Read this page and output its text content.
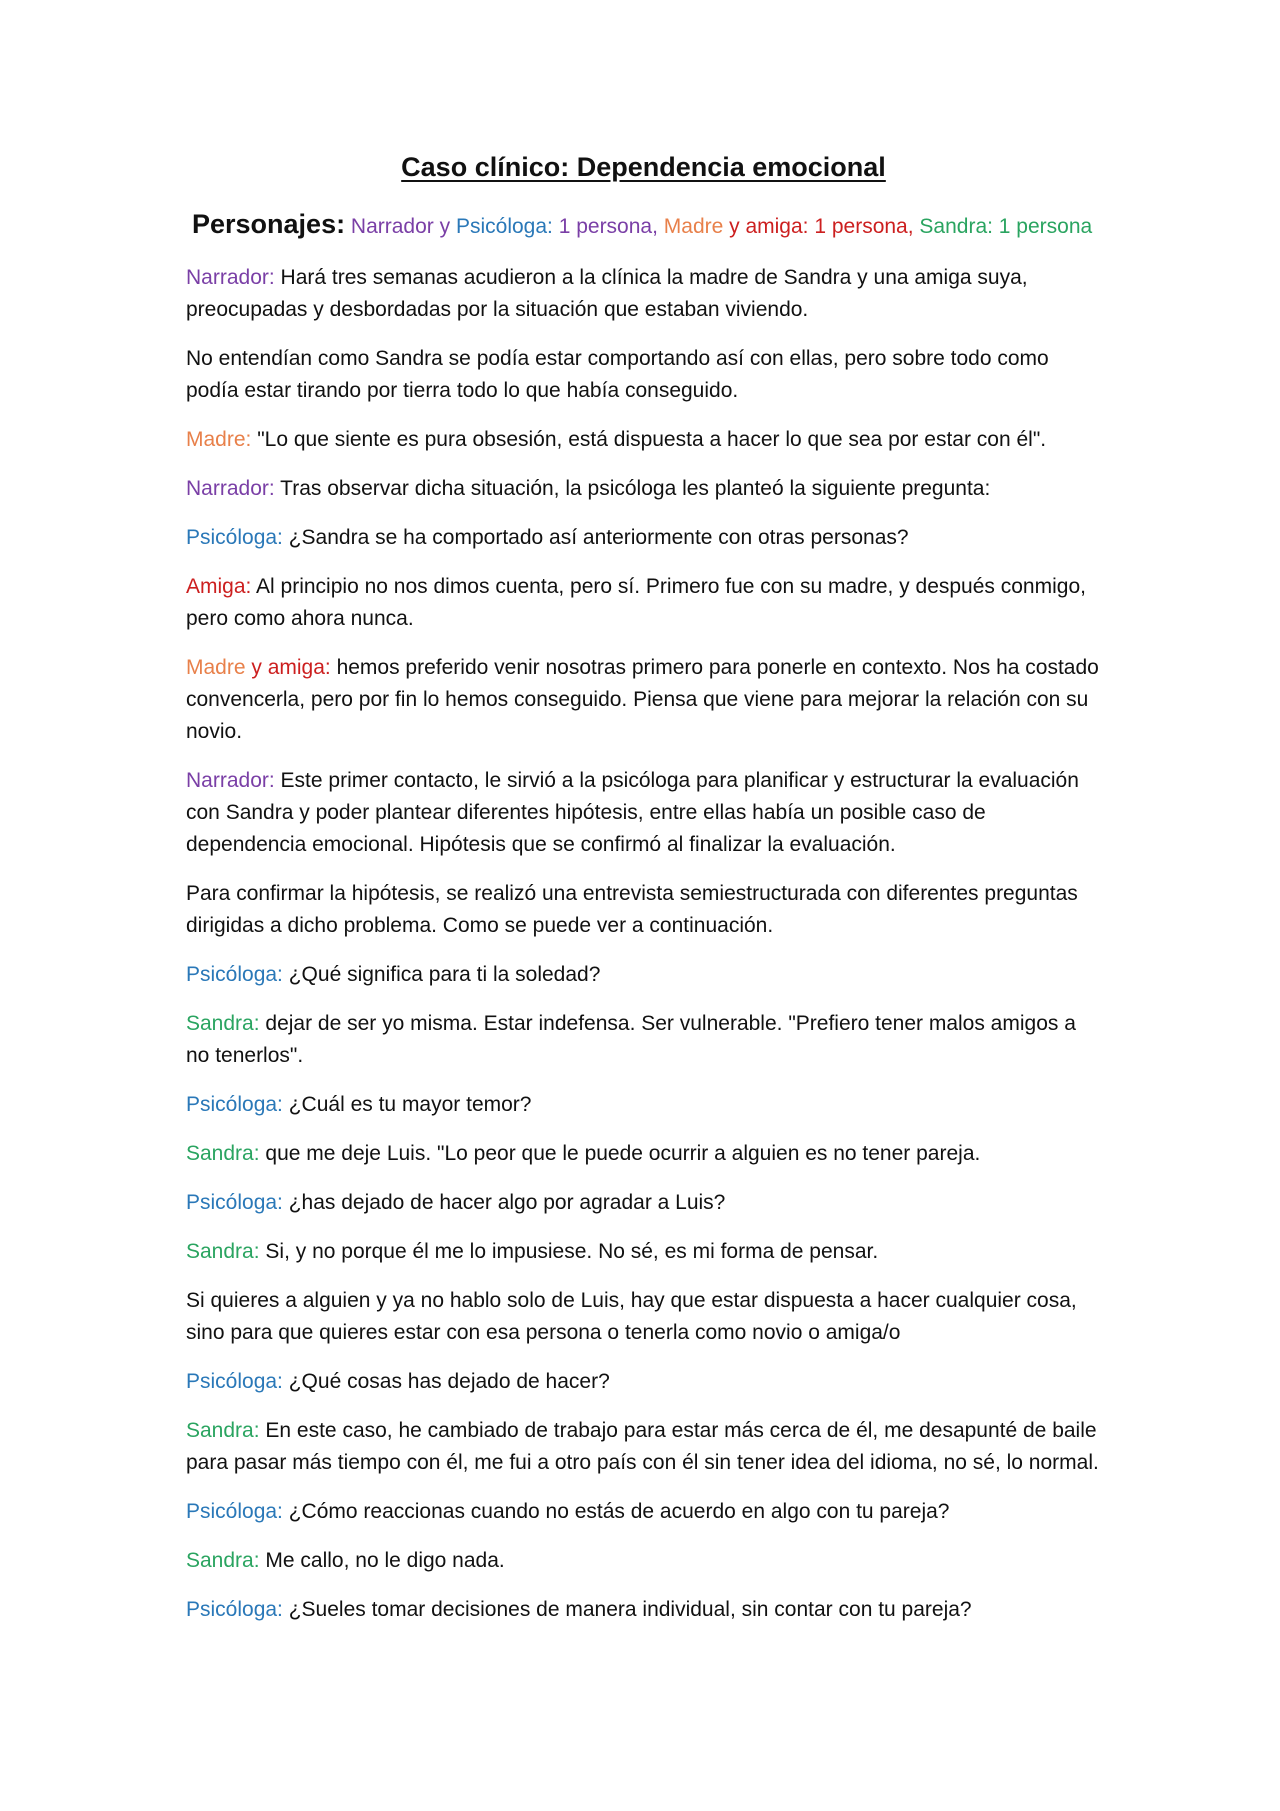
Caso clínico: Dependencia emocional
Personajes: Narrador y Psicóloga: 1 persona, Madre y amiga: 1 persona, Sandra: 1 persona

Narrador: Hará tres semanas acudieron a la clínica la madre de Sandra y una amiga suya, preocupadas y desbordadas por la situación que estaban viviendo.

No entendían como Sandra se podía estar comportando así con ellas, pero sobre todo como podía estar tirando por tierra todo lo que había conseguido.

Madre: "Lo que siente es pura obsesión, está dispuesta a hacer lo que sea por estar con él".

Narrador: Tras observar dicha situación, la psicóloga les planteó la siguiente pregunta:

Psicóloga: ¿Sandra se ha comportado así anteriormente con otras personas?

Amiga: Al principio no nos dimos cuenta, pero sí. Primero fue con su madre, y después conmigo, pero como ahora nunca.

Madre y amiga: hemos preferido venir nosotras primero para ponerle en contexto. Nos ha costado convencerla, pero por fin lo hemos conseguido. Piensa que viene para mejorar la relación con su novio.

Narrador: Este primer contacto, le sirvió a la psicóloga para planificar y estructurar la evaluación con Sandra y poder plantear diferentes hipótesis, entre ellas había un posible caso de dependencia emocional. Hipótesis que se confirmó al finalizar la evaluación.

Para confirmar la hipótesis, se realizó una entrevista semiestructurada con diferentes preguntas dirigidas a dicho problema. Como se puede ver a continuación.

Psicóloga: ¿Qué significa para ti la soledad?

Sandra: dejar de ser yo misma. Estar indefensa. Ser vulnerable. "Prefiero tener malos amigos a no tenerlos".

Psicóloga: ¿Cuál es tu mayor temor?

Sandra: que me deje Luis. "Lo peor que le puede ocurrir a alguien es no tener pareja.

Psicóloga: ¿has dejado de hacer algo por agradar a Luis?

Sandra: Si, y no porque él me lo impusiese. No sé, es mi forma de pensar.

Si quieres a alguien y ya no hablo solo de Luis, hay que estar dispuesta a hacer cualquier cosa, sino para que quieres estar con esa persona o tenerla como novio o amiga/o

Psicóloga: ¿Qué cosas has dejado de hacer?

Sandra: En este caso, he cambiado de trabajo para estar más cerca de él, me desapunté de baile para pasar más tiempo con él, me fui a otro país con él sin tener idea del idioma, no sé, lo normal.

Psicóloga: ¿Cómo reaccionas cuando no estás de acuerdo en algo con tu pareja?

Sandra: Me callo, no le digo nada.

Psicóloga: ¿Sueles tomar decisiones de manera individual, sin contar con tu pareja?
